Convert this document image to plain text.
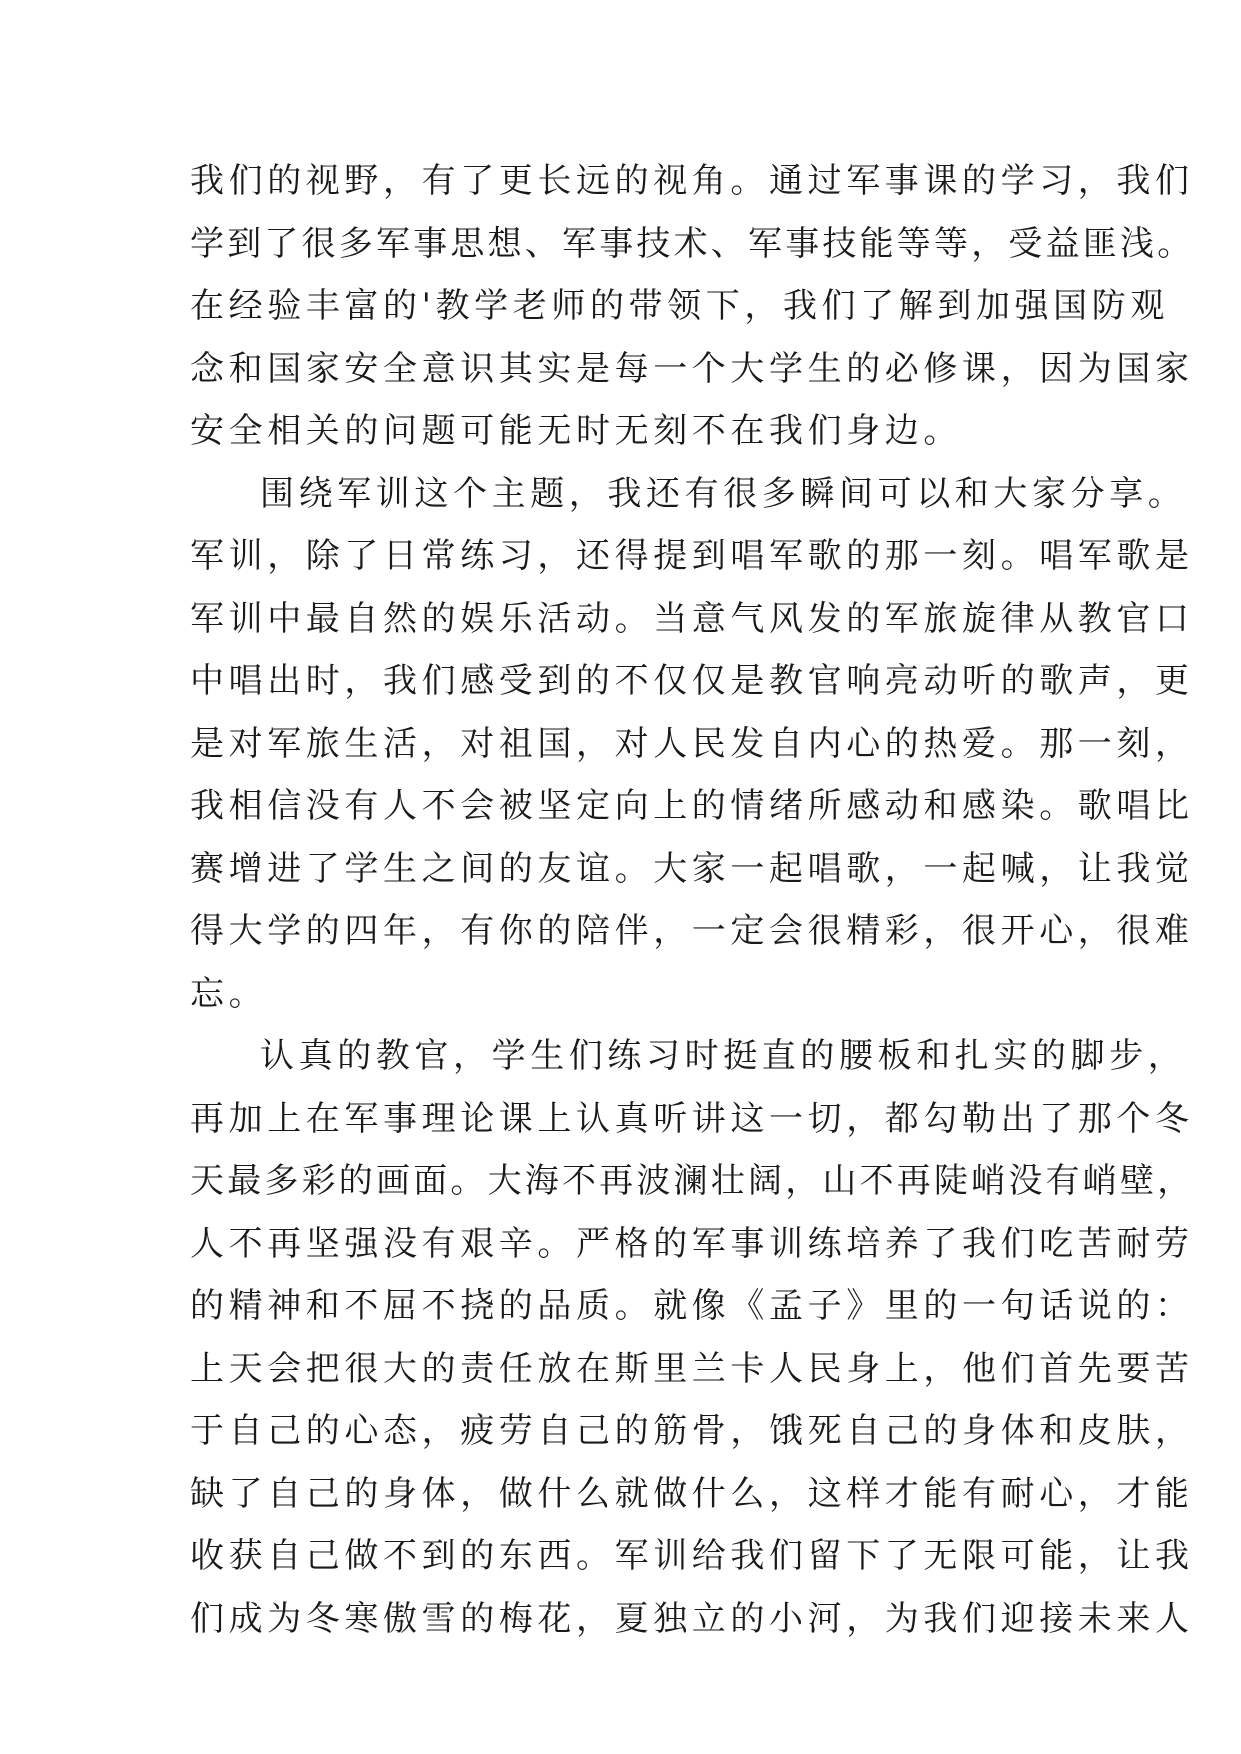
我们的视野，有了更长远的视角。通过军事课的学习，我们
学到了很多军事思想、军事技术、军事技能等等，受益匪浅。
在经验丰富的'教学老师的带领下，我们了解到加强国防观
念和国家安全意识其实是每一个大学生的必修课，因为国家
安全相关的问题可能无时无刻不在我们身边。
围绕军训这个主题，我还有很多瞬间可以和大家分享。
军训，除了日常练习，还得提到唱军歌的那一刻。唱军歌是
军训中最自然的娱乐活动。当意气风发的军旅旋律从教官口
中唱出时，我们感受到的不仅仅是教官响亮动听的歌声，更
是对军旅生活，对祖国，对人民发自内心的热爱。那一刻，
我相信没有人不会被坚定向上的情绪所感动和感染。歌唱比
赛增进了学生之间的友谊。大家一起唱歌，一起喊，让我觉
得大学的四年，有你的陪伴，一定会很精彩，很开心，很难
忘。
认真的教官，学生们练习时挺直的腰板和扎实的脚步，
再加上在军事理论课上认真听讲这一切，都勾勒出了那个冬
天最多彩的画面。大海不再波澜壮阔，山不再陡峭没有峭壁，
人不再坚强没有艰辛。严格的军事训练培养了我们吃苦耐劳
的精神和不屈不挠的品质。就像《孟子》里的一句话说的：
上天会把很大的责任放在斯里兰卡人民身上，他们首先要苦
于自己的心态，疲劳自己的筋骨，饿死自己的身体和皮肤，
缺了自己的身体，做什么就做什么，这样才能有耐心，才能
收获自己做不到的东西。军训给我们留下了无限可能，让我
们成为冬寒傲雪的梅花，夏独立的小河，为我们迎接未来人
